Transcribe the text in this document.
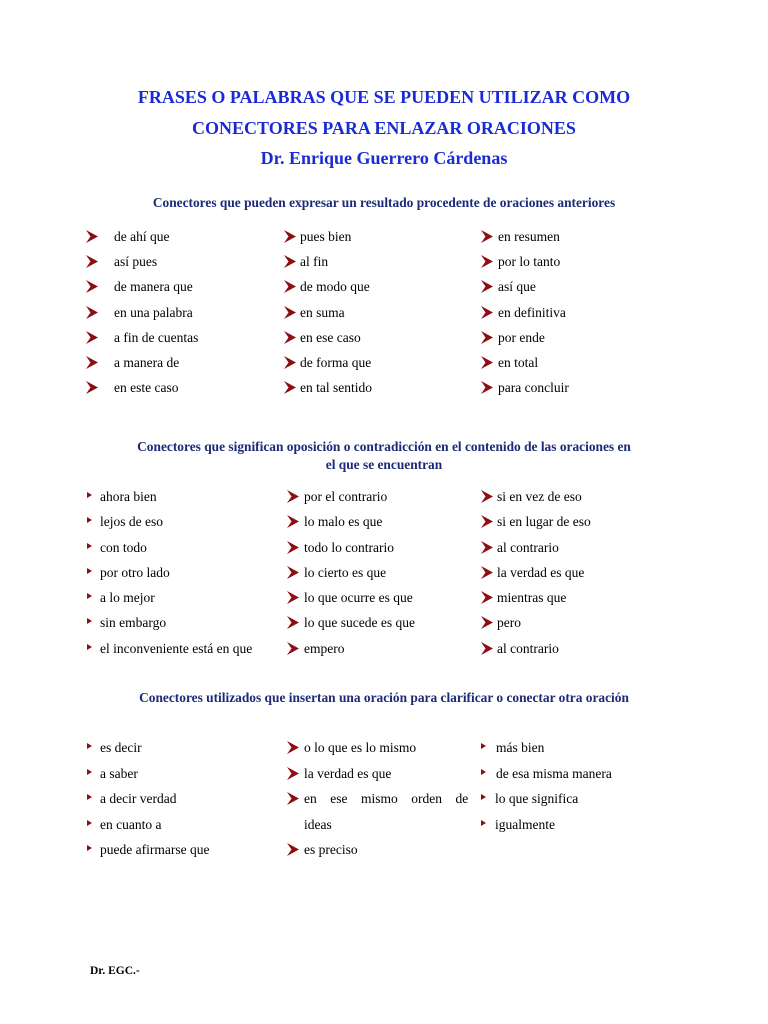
FRASES O PALABRAS QUE SE PUEDEN UTILIZAR COMO
CONECTORES PARA ENLAZAR ORACIONES
Dr. Enrique Guerrero Cárdenas
Conectores que pueden expresar un resultado procedente de oraciones anteriores
de ahí que
así pues
de manera que
en una palabra
a fin de cuentas
a manera de
en este caso
pues bien
al fin
de modo que
en suma
en ese caso
de forma que
en tal sentido
en resumen
por lo tanto
así que
en definitiva
por ende
en total
para concluir
Conectores que significan oposición o contradicción en el contenido de las oraciones en
el que se encuentran
ahora bien
lejos de eso
con todo
por otro lado
a lo mejor
sin embargo
el inconveniente está en que
por el contrario
lo malo es que
todo lo contrario
lo cierto es que
lo que ocurre es que
lo que sucede es que
empero
si en vez de eso
si en lugar de eso
al contrario
la verdad es que
mientras que
pero
al contrario
Conectores utilizados que insertan una oración para clarificar o conectar otra oración
es decir
a saber
a decir verdad
en cuanto a
puede afirmarse que
o lo que es lo mismo
la verdad es que
en    ese    mismo    orden    de
ideas
es preciso
más bien
de esa misma manera
lo que significa
igualmente
Dr. EGC.-
